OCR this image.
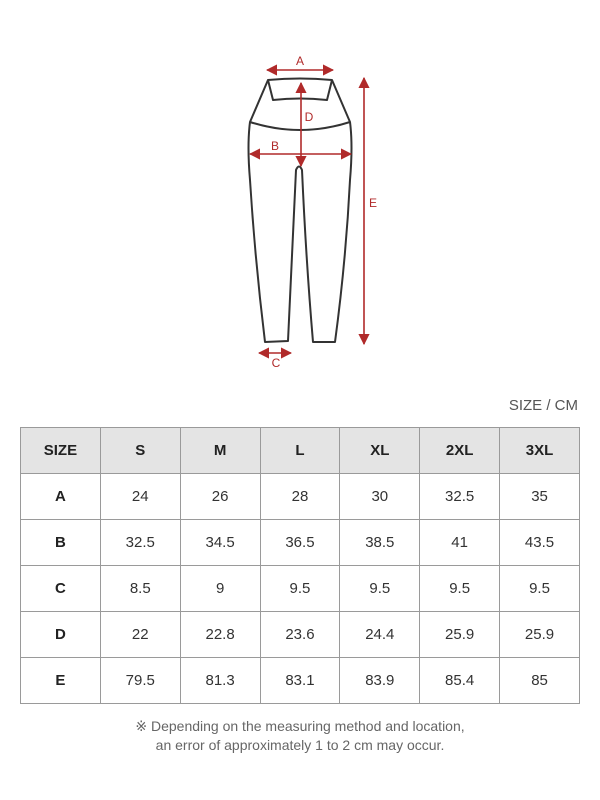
A
B
C
D
E
SIZE / CM
SIZE	S	M	L	XL	2XL	3XL
A	24	26	28	30	32.5	35
B	32.5	34.5	36.5	38.5	41	43.5
C	8.5	9	9.5	9.5	9.5	9.5
D	22	22.8	23.6	24.4	25.9	25.9
E	79.5	81.3	83.1	83.9	85.4	85
※ Depending on the measuring method and location,
an error of approximately 1 to 2 cm may occur.
